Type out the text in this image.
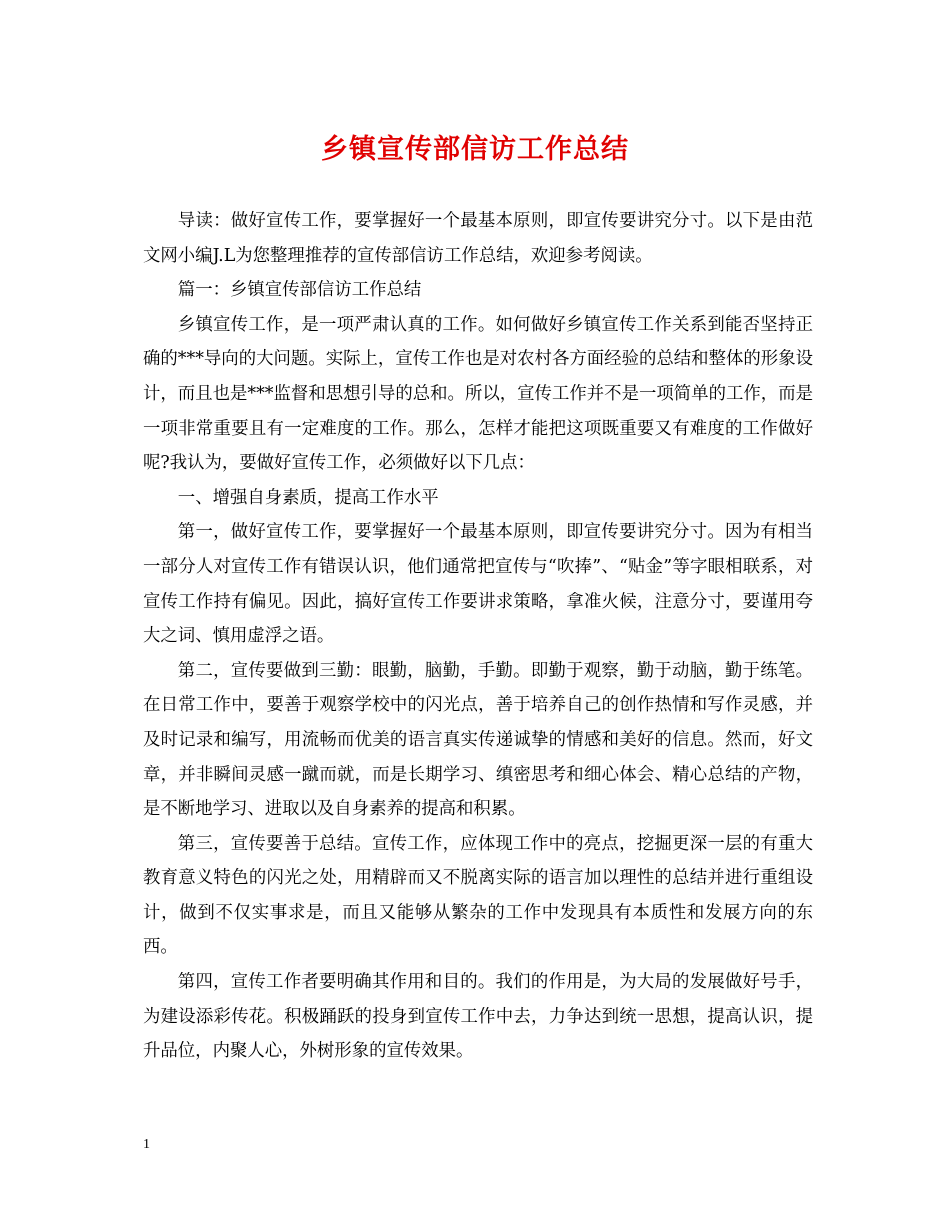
乡镇宣传部信访工作总结

导读：做好宣传工作，要掌握好一个最基本原则，即宣传要讲究分寸。以下是由范文网小编J.L为您整理推荐的宣传部信访工作总结，欢迎参考阅读。

篇一：乡镇宣传部信访工作总结

乡镇宣传工作，是一项严肃认真的工作。如何做好乡镇宣传工作关系到能否坚持正确的***导向的大问题。实际上，宣传工作也是对农村各方面经验的总结和整体的形象设计，而且也是***监督和思想引导的总和。所以，宣传工作并不是一项简单的工作，而是一项非常重要且有一定难度的工作。那么，怎样才能把这项既重要又有难度的工作做好呢?我认为，要做好宣传工作，必须做好以下几点：

一、增强自身素质，提高工作水平

第一，做好宣传工作，要掌握好一个最基本原则，即宣传要讲究分寸。因为有相当一部分人对宣传工作有错误认识，他们通常把宣传与“吹捧”、“贴金”等字眼相联系，对宣传工作持有偏见。因此，搞好宣传工作要讲求策略，拿准火候，注意分寸，要谨用夸大之词、慎用虚浮之语。

第二，宣传要做到三勤：眼勤，脑勤，手勤。即勤于观察，勤于动脑，勤于练笔。在日常工作中，要善于观察学校中的闪光点，善于培养自己的创作热情和写作灵感，并及时记录和编写，用流畅而优美的语言真实传递诚挚的情感和美好的信息。然而，好文章，并非瞬间灵感一蹴而就，而是长期学习、缜密思考和细心体会、精心总结的产物，是不断地学习、进取以及自身素养的提高和积累。

第三，宣传要善于总结。宣传工作，应体现工作中的亮点，挖掘更深一层的有重大教育意义特色的闪光之处，用精辟而又不脱离实际的语言加以理性的总结并进行重组设计，做到不仅实事求是，而且又能够从繁杂的工作中发现具有本质性和发展方向的东西。

第四，宣传工作者要明确其作用和目的。我们的作用是，为大局的发展做好号手，为建设添彩传花。积极踊跃的投身到宣传工作中去，力争达到统一思想，提高认识，提升品位，内聚人心，外树形象的宣传效果。

1
